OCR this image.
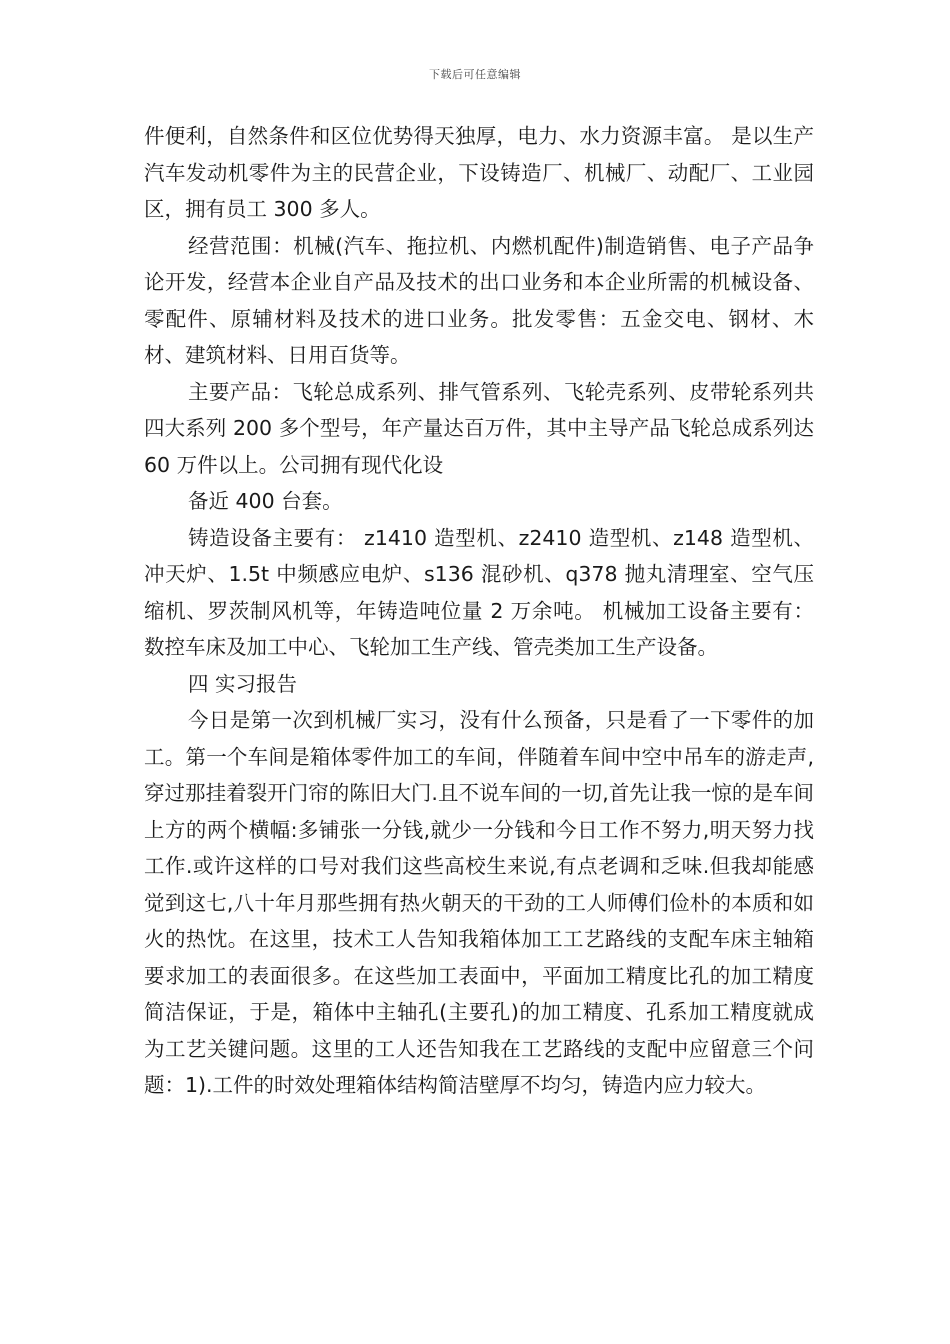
下载后可任意编辑

件便利，自然条件和区位优势得天独厚，电力、水力资源丰富。 是以生产汽车发动机零件为主的民营企业，下设铸造厂、机械厂、动配厂、工业园区，拥有员工 300 多人。

经营范围：机械(汽车、拖拉机、内燃机配件)制造销售、电子产品争论开发，经营本企业自产品及技术的出口业务和本企业所需的机械设备、零配件、原辅材料及技术的进口业务。批发零售：五金交电、钢材、木材、建筑材料、日用百货等。

主要产品：飞轮总成系列、排气管系列、飞轮壳系列、皮带轮系列共四大系列 200 多个型号，年产量达百万件，其中主导产品飞轮总成系列达 60 万件以上。公司拥有现代化设

备近 400 台套。

铸造设备主要有： z1410 造型机、z2410 造型机、z148 造型机、冲天炉、1.5t 中频感应电炉、s136 混砂机、q378 抛丸清理室、空气压缩机、罗茨制风机等，年铸造吨位量 2 万余吨。 机械加工设备主要有： 数控车床及加工中心、飞轮加工生产线、管壳类加工生产设备。

四 实习报告

今日是第一次到机械厂实习，没有什么预备，只是看了一下零件的加工。第一个车间是箱体零件加工的车间，伴随着车间中空中吊车的游走声,穿过那挂着裂开门帘的陈旧大门.且不说车间的一切,首先让我一惊的是车间上方的两个横幅:多铺张一分钱,就少一分钱和今日工作不努力,明天努力找工作.或许这样的口号对我们这些高校生来说,有点老调和乏味.但我却能感觉到这七,八十年月那些拥有热火朝天的干劲的工人师傅们俭朴的本质和如火的热忱。在这里，技术工人告知我箱体加工工艺路线的支配车床主轴箱要求加工的表面很多。在这些加工表面中，平面加工精度比孔的加工精度简洁保证，于是，箱体中主轴孔(主要孔)的加工精度、孔系加工精度就成为工艺关键问题。这里的工人还告知我在工艺路线的支配中应留意三个问题：1).工件的时效处理箱体结构简洁壁厚不均匀，铸造内应力较大。
